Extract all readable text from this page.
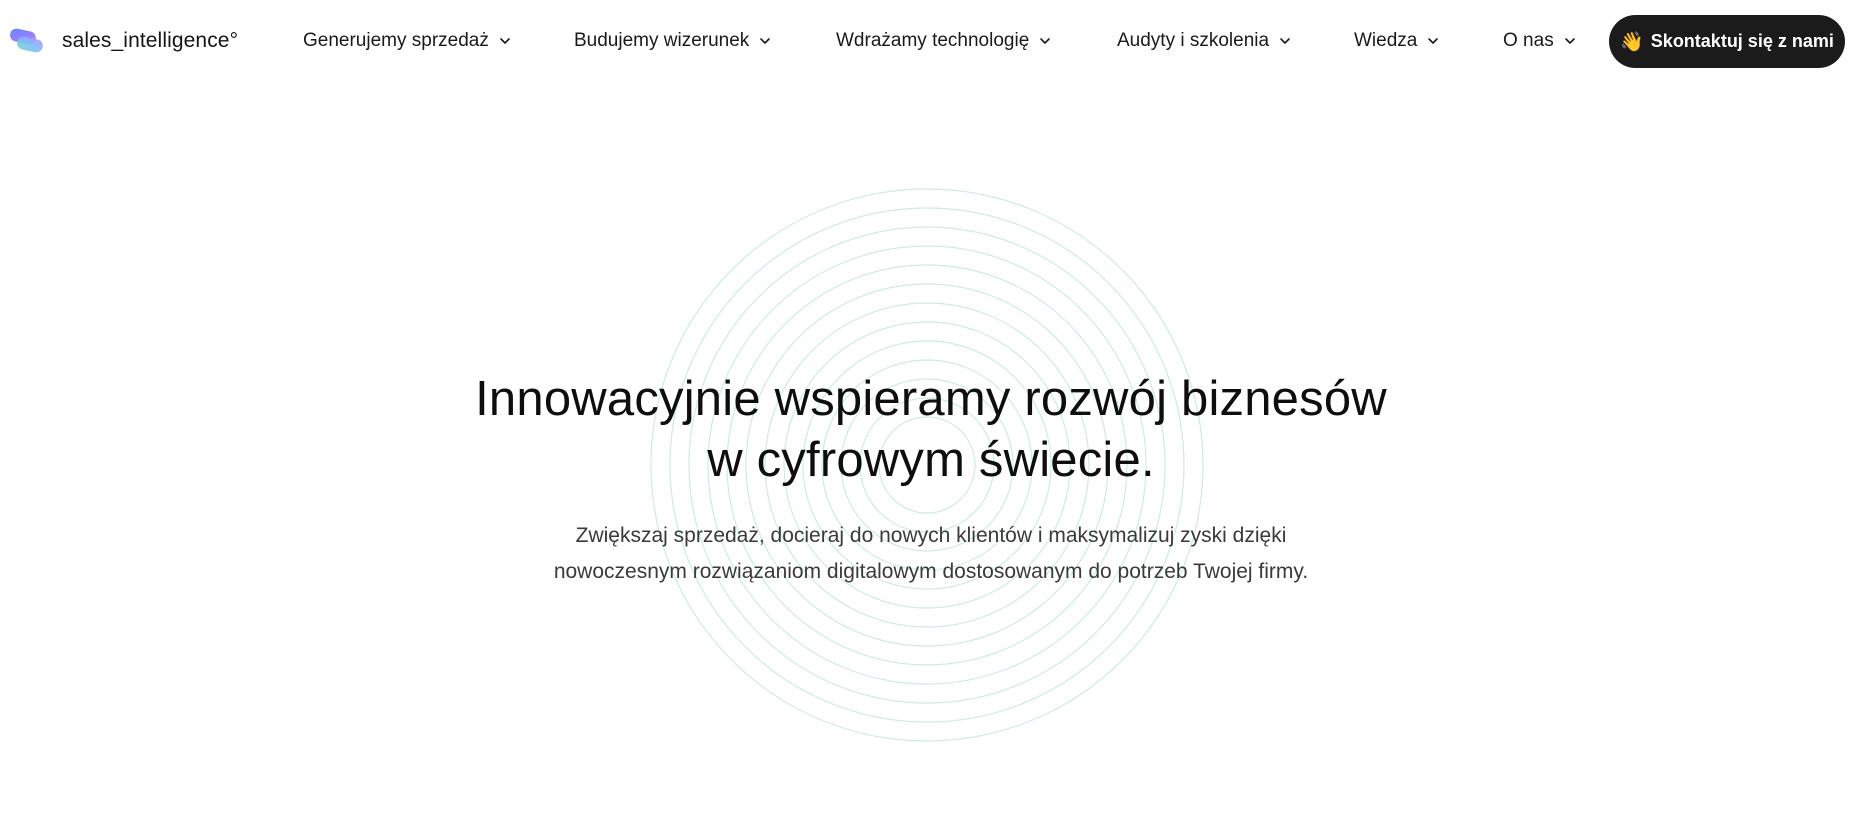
sales_intelligence°	Generujemy sprzedaż	Budujemy wizerunek	Wdrażamy technologię	Audyty i szkolenia	Wiedza	O nas	👋 Skontaktuj się z nami
Innowacyjnie wspieramy rozwój biznesów
w cyfrowym świecie.

Zwiększaj sprzedaż, docieraj do nowych klientów i maksymalizuj zyski dzięki
nowoczesnym rozwiązaniom digitalowym dostosowanym do potrzeb Twojej firmy.
